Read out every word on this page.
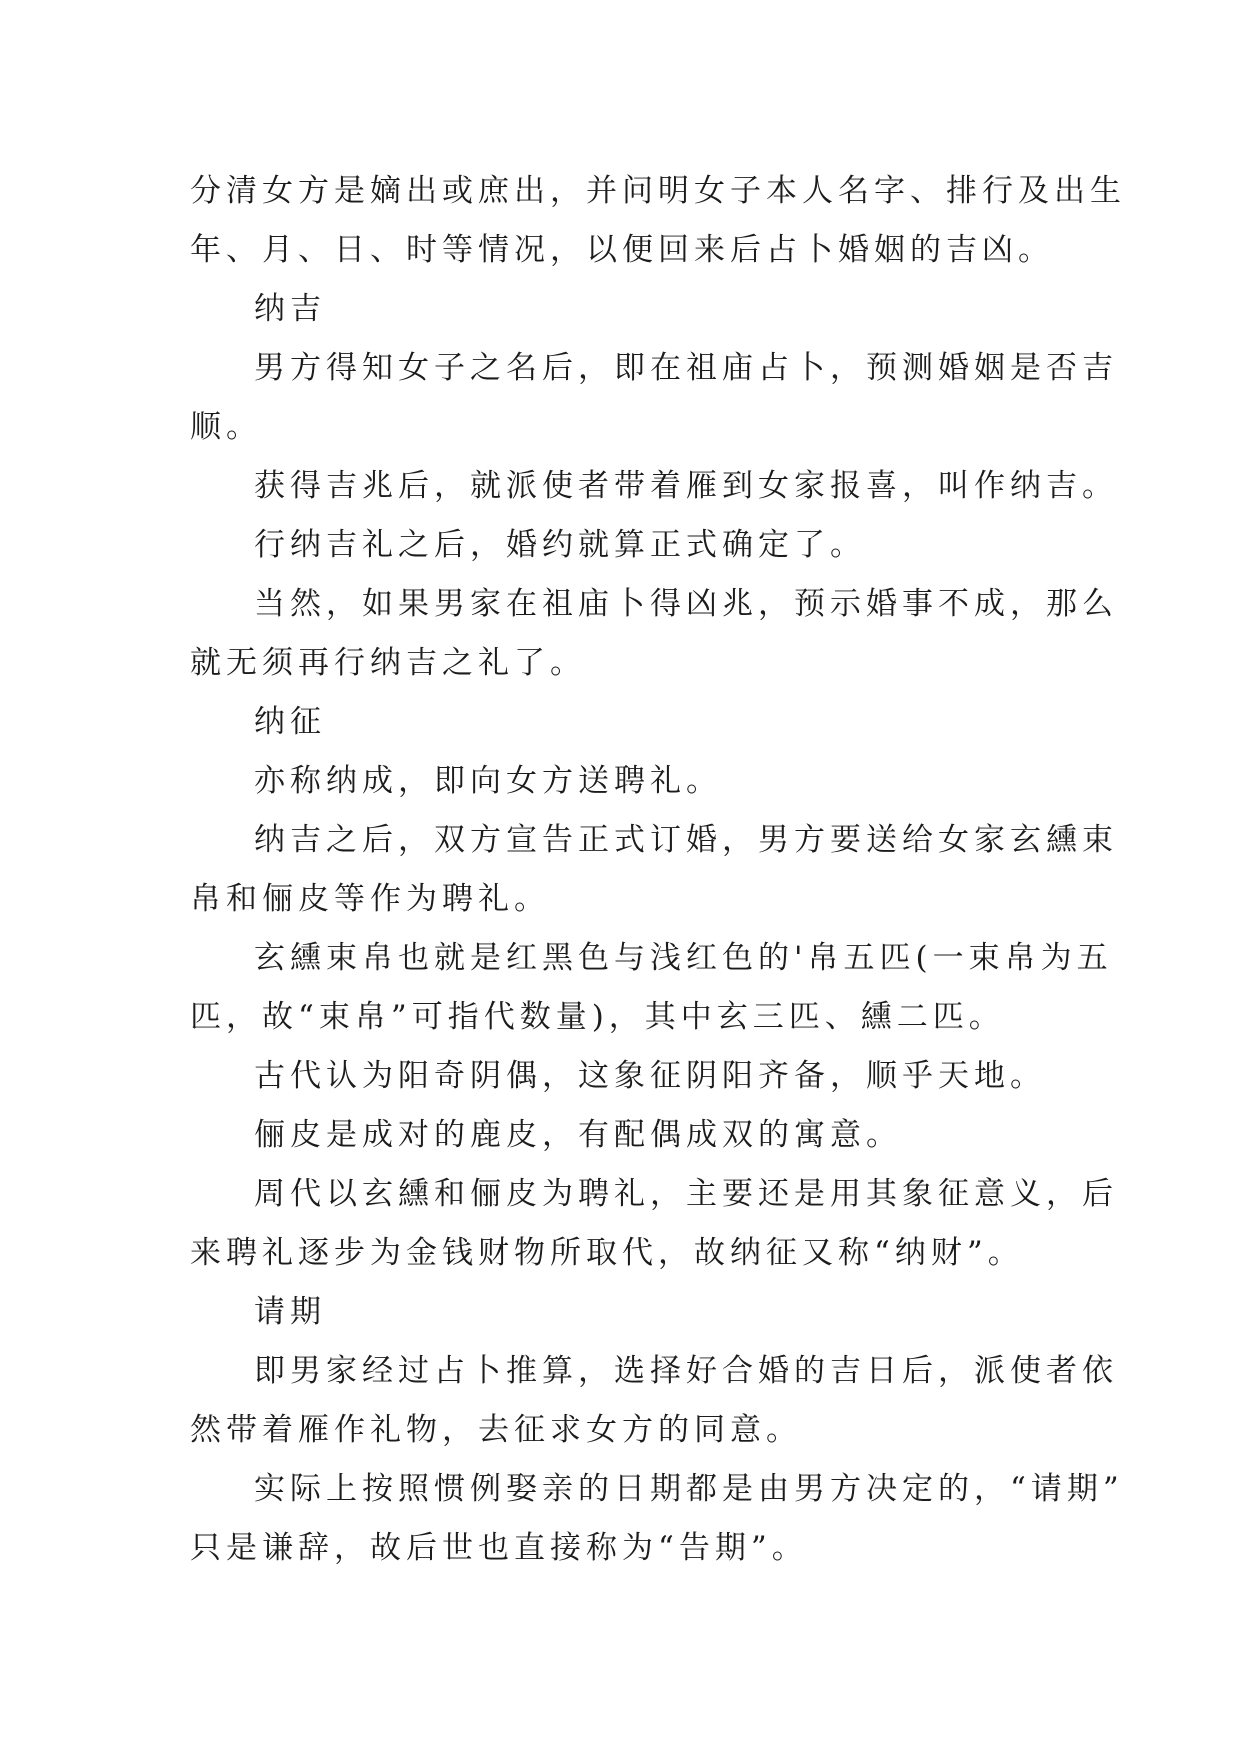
分清女方是嫡出或庶出，并问明女子本人名字、排行及出生
年、月、日、时等情况，以便回来后占卜婚姻的吉凶。
纳吉
男方得知女子之名后，即在祖庙占卜，预测婚姻是否吉
顺。
获得吉兆后，就派使者带着雁到女家报喜，叫作纳吉。
行纳吉礼之后，婚约就算正式确定了。
当然，如果男家在祖庙卜得凶兆，预示婚事不成，那么
就无须再行纳吉之礼了。
纳征
亦称纳成，即向女方送聘礼。
纳吉之后，双方宣告正式订婚，男方要送给女家玄纁束
帛和俪皮等作为聘礼。
玄纁束帛也就是红黑色与浅红色的'帛五匹(一束帛为五
匹，故“束帛”可指代数量)，其中玄三匹、纁二匹。
古代认为阳奇阴偶，这象征阴阳齐备，顺乎天地。
俪皮是成对的鹿皮，有配偶成双的寓意。
周代以玄纁和俪皮为聘礼，主要还是用其象征意义，后
来聘礼逐步为金钱财物所取代，故纳征又称“纳财”。
请期
即男家经过占卜推算，选择好合婚的吉日后，派使者依
然带着雁作礼物，去征求女方的同意。
实际上按照惯例娶亲的日期都是由男方决定的，“请期”
只是谦辞，故后世也直接称为“告期”。
